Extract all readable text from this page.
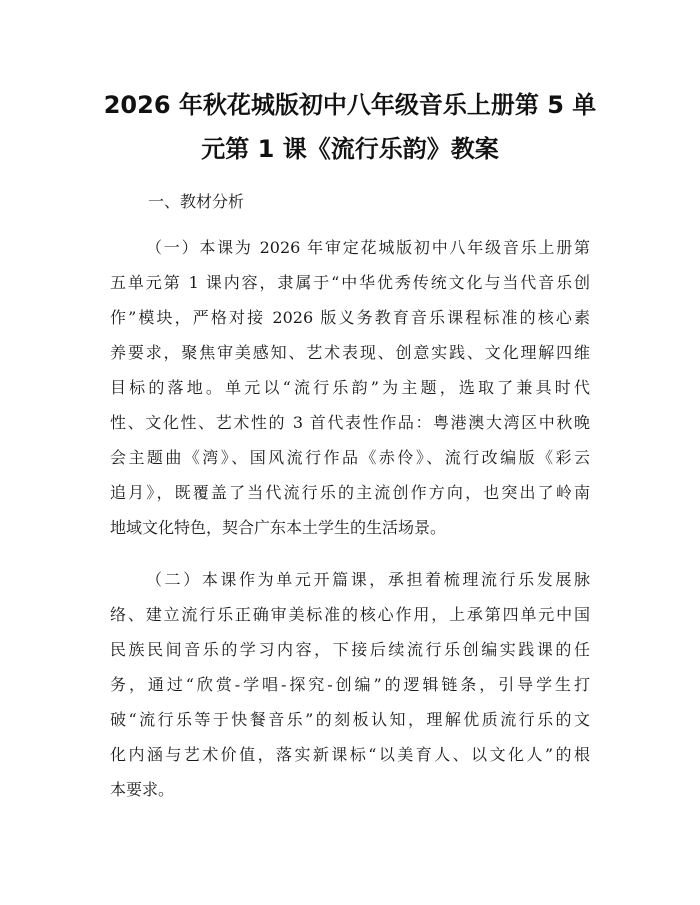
2026 年秋花城版初中八年级音乐上册第 5 单
元第 1 课《流行乐韵》教案
一、教材分析
（一）本课为 2026 年审定花城版初中八年级音乐上册第
五单元第 1 课内容，隶属于“中华优秀传统文化与当代音乐创
作”模块，严格对接 2026 版义务教育音乐课程标准的核心素
养要求，聚焦审美感知、艺术表现、创意实践、文化理解四维
目标的落地。单元以“流行乐韵”为主题，选取了兼具时代
性、文化性、艺术性的 3 首代表性作品：粤港澳大湾区中秋晚
会主题曲《湾》、国风流行作品《赤伶》、流行改编版《彩云
追月》，既覆盖了当代流行乐的主流创作方向，也突出了岭南
地域文化特色，契合广东本土学生的生活场景。
（二）本课作为单元开篇课，承担着梳理流行乐发展脉
络、建立流行乐正确审美标准的核心作用，上承第四单元中国
民族民间音乐的学习内容，下接后续流行乐创编实践课的任
务，通过“欣赏-学唱-探究-创编”的逻辑链条，引导学生打
破“流行乐等于快餐音乐”的刻板认知，理解优质流行乐的文
化内涵与艺术价值，落实新课标“以美育人、以文化人”的根
本要求。
